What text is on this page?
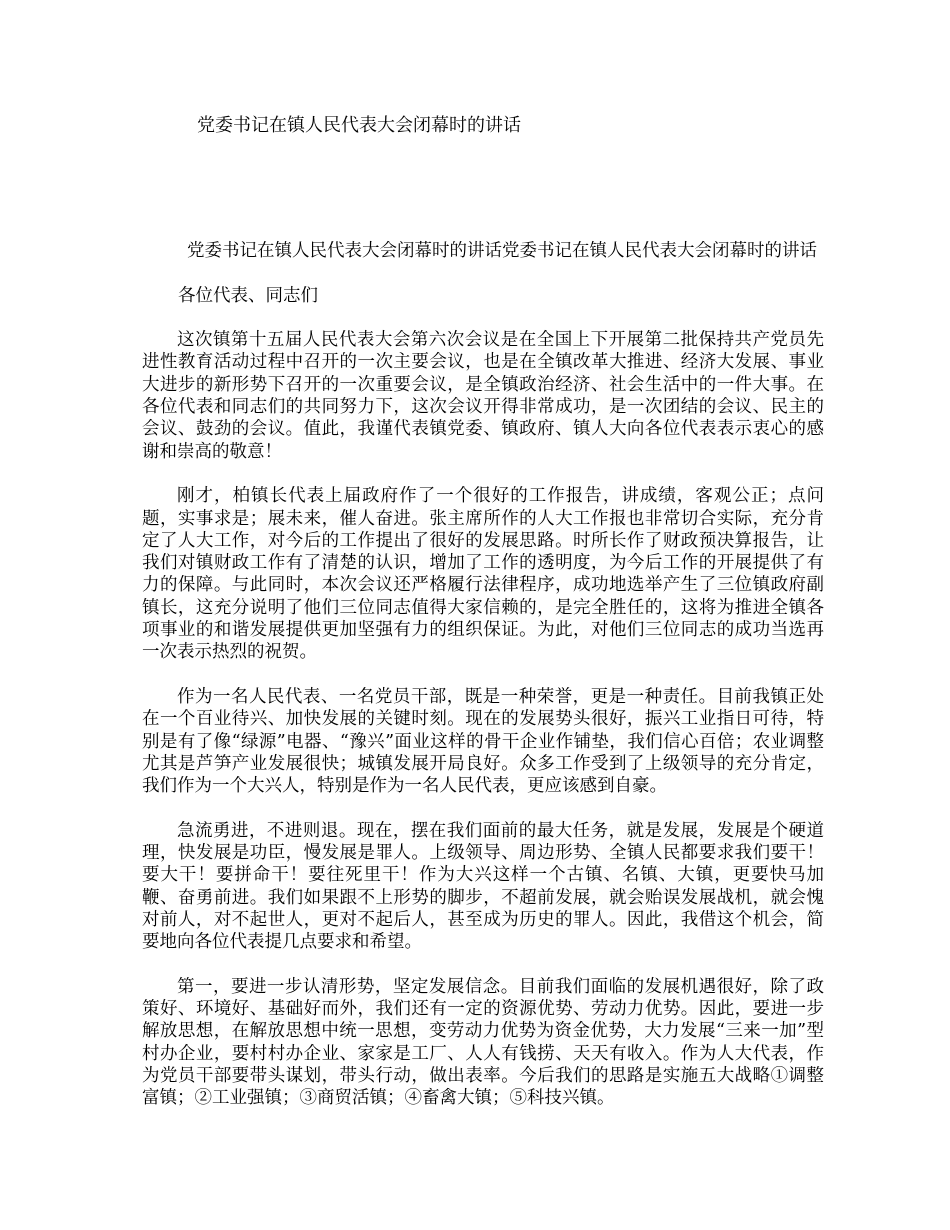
党委书记在镇人民代表大会闭幕时的讲话

党委书记在镇人民代表大会闭幕时的讲话党委书记在镇人民代表大会闭幕时的讲话

各位代表、同志们

这次镇第十五届人民代表大会第六次会议是在全国上下开展第二批保持共产党员先进性教育活动过程中召开的一次主要会议，也是在全镇改革大推进、经济大发展、事业大进步的新形势下召开的一次重要会议，是全镇政治经济、社会生活中的一件大事。在各位代表和同志们的共同努力下，这次会议开得非常成功，是一次团结的会议、民主的会议、鼓劲的会议。值此，我谨代表镇党委、镇政府、镇人大向各位代表表示衷心的感谢和崇高的敬意！

刚才，柏镇长代表上届政府作了一个很好的工作报告，讲成绩，客观公正；点问题，实事求是；展未来，催人奋进。张主席所作的人大工作报也非常切合实际，充分肯定了人大工作，对今后的工作提出了很好的发展思路。时所长作了财政预决算报告，让我们对镇财政工作有了清楚的认识，增加了工作的透明度，为今后工作的开展提供了有力的保障。与此同时，本次会议还严格履行法律程序，成功地选举产生了三位镇政府副镇长，这充分说明了他们三位同志值得大家信赖的，是完全胜任的，这将为推进全镇各项事业的和谐发展提供更加坚强有力的组织保证。为此，对他们三位同志的成功当选再一次表示热烈的祝贺。

作为一名人民代表、一名党员干部，既是一种荣誉，更是一种责任。目前我镇正处在一个百业待兴、加快发展的关键时刻。现在的发展势头很好，振兴工业指日可待，特别是有了像“绿源”电器、“豫兴”面业这样的骨干企业作铺垫，我们信心百倍；农业调整尤其是芦笋产业发展很快；城镇发展开局良好。众多工作受到了上级领导的充分肯定，我们作为一个大兴人，特别是作为一名人民代表，更应该感到自豪。

急流勇进，不进则退。现在，摆在我们面前的最大任务，就是发展，发展是个硬道理，快发展是功臣，慢发展是罪人。上级领导、周边形势、全镇人民都要求我们要干！要大干！要拼命干！要往死里干！作为大兴这样一个古镇、名镇、大镇，更要快马加鞭、奋勇前进。我们如果跟不上形势的脚步，不超前发展，就会贻误发展战机，就会愧对前人，对不起世人，更对不起后人，甚至成为历史的罪人。因此，我借这个机会，简要地向各位代表提几点要求和希望。

第一，要进一步认清形势，坚定发展信念。目前我们面临的发展机遇很好，除了政策好、环境好、基础好而外，我们还有一定的资源优势、劳动力优势。因此，要进一步解放思想，在解放思想中统一思想，变劳动力优势为资金优势，大力发展“三来一加”型村办企业，要村村办企业、家家是工厂、人人有钱捞、天天有收入。作为人大代表，作为党员干部要带头谋划，带头行动，做出表率。今后我们的思路是实施五大战略①调整富镇；②工业强镇；③商贸活镇；④畜禽大镇；⑤科技兴镇。
